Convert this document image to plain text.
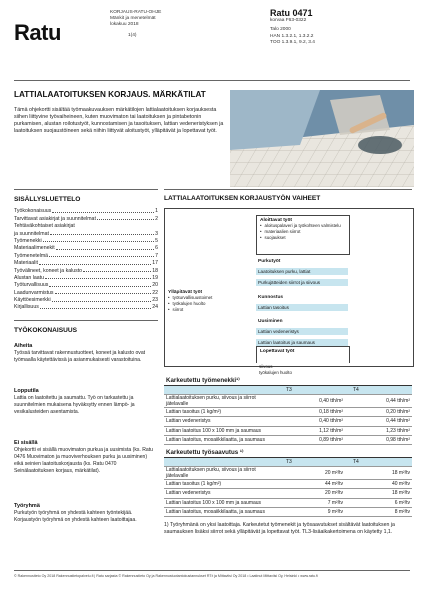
Ratu
KORJAUS-RATU-OHJE
Mänkit ja menetelmät
lokakuu 2018
1(4)
Ratu 0471
korvaa F63-0322
Talo 2000
HAN 1.3.2.1, 1.3.2.2
TOO 1.3.9.1, 9.2, 3.4
LATTIALAATOITUKSEN KORJAUS. MÄRKÄTILAT
Tämä ohjekortti sisältää työmaakuvauksen märkätilojen lattialaatoituksen korjauksesta siihen liittyvine työvaiheineen, kuten muovimaton tai laatoituksen ja pintabetonin purkamisen, alustan roilotustyöt, kunnostamisen ja tasoituksen, lattian vedeneristyksen ja laatoituksen suojaustöineen sekä niihin liittyvät aloitustyöt, ylläpitävät ja lopettavat työt.
SISÄLLYSLUETTELO
Työkokonaisuus	1
Tarvittavat asiakirjat ja suunnitelmat	2
Tehtäväkohtaiset asiakirjat
ja suunnitelmat	3
Työmenekki	5
Materiaalimenekit	6
Työmenetelmä	7
Materiaalit	17
Työvälineet, koneet ja kalusto	18
Alustan laatu	19
Työturvallisuus	20
Laadunvarmistus	22
Käyttöesimerkki	23
Kirjallisuus	24
TYÖKOKONAISUUS
Aiheita
Työssä tarvittavat rakennustuotteet, koneet ja kalusto ovat työmaalla käytettävissä ja asianmukaisesti varastoituina.
Lopputila
Lattia on laatoitettu ja saumattu. Työ on tarkastettu ja suunnitelmien mukaisena hyväksytty ennen lämpö- ja vesikalusteiden asentamista.
Ei sisällä
Ohjekortti ei sisällä muovimaton purkua ja uusimista (ks. Ratu 0476 Muovimaton ja muoviverhouksen purku ja uusiminen) eikä seinien laatoituskorjausta (ks. Ratu 0470 Seinälaatoituksen korjaus, märkätilat).
Työryhmä
Purkutyön työryhmä on yhdestä kahteen työntekijää. Korjaustyön työryhmä on yhdestä kahteen laatoittajaa.
LATTIALAATOITUKSEN KORJAUSTYÖN VAIHEET
Aloittavat työt
• aloituspalaveri ja työkohteen valmistelu
• materiaalien siirrot
• suojaukset
Purkutyöt
Laatoituksen purku, lattiat
Purkujätteiden siirrot ja siivous
Kunnostus
Lattian tasoitus
Uusiminen
Lattian vedeneristys
Lattian laatoitus ja saumaus
Ylläpitävät työt
• työturvallisuustoimet
• työkalujen huolto
• siirrot
Lopettavat työt
siivous
työkalujen huolto
Karkeutettu työmenekki¹⁾		
	T3	T4
Lattialaatoituksen purku, siivous ja siirrot jätelavalle	0,40 tth/m²	0,44 tth/m²
Lattian tasoitus (1 kg/m²)	0,18 tth/m²	0,20 tth/m²
Lattian vedeneristys	0,40 tth/m²	0,44 tth/m²
Lattian laatoitus 100 x 100 mm ja saumaus	1,12 tth/m²	1,23 tth/m²
Lattian laatoitus, mosaiikkilaatta, ja saumaus	0,89 tth/m²	0,98 tth/m²
Karkeutettu työsaavutus ¹⁾		
	T3	T4
Lattialaatoituksen purku, siivous ja siirrot jätelavalle	20 m²/tv	18 m²/tv
Lattian tasoitus (1 kg/m²)	44 m²/tv	40 m²/tv
Lattian vedeneristys	20 m²/tv	18 m²/tv
Lattian laatoitus 100 x 100 mm ja saumaus	7 m²/tv	6 m²/tv
Lattian laatoitus, mosaiikkilaatta, ja saumaus	9 m²/tv	8 m²/tv
1) Työryhmänä on yksi laatoittaja. Karkeutetut työmenekit ja työsaavutukset sisältävät laatoituksen ja saumauksen lisäksi siirrot sekä ylläpitävät ja lopettavat työt. TL3-lisäaikakertoimena on käytetty 1,1.
© Rakennustieto Oy 2018 Rakennustietopalvelu.fi | Ratu sarjasta © Rakennustieto Oy ja Rakennustuotantokustannukset RT:t ja Mittaviisi Oy 2018 • Laatinut Mittaviisi Oy, Helsinki • www.ratu.fi
